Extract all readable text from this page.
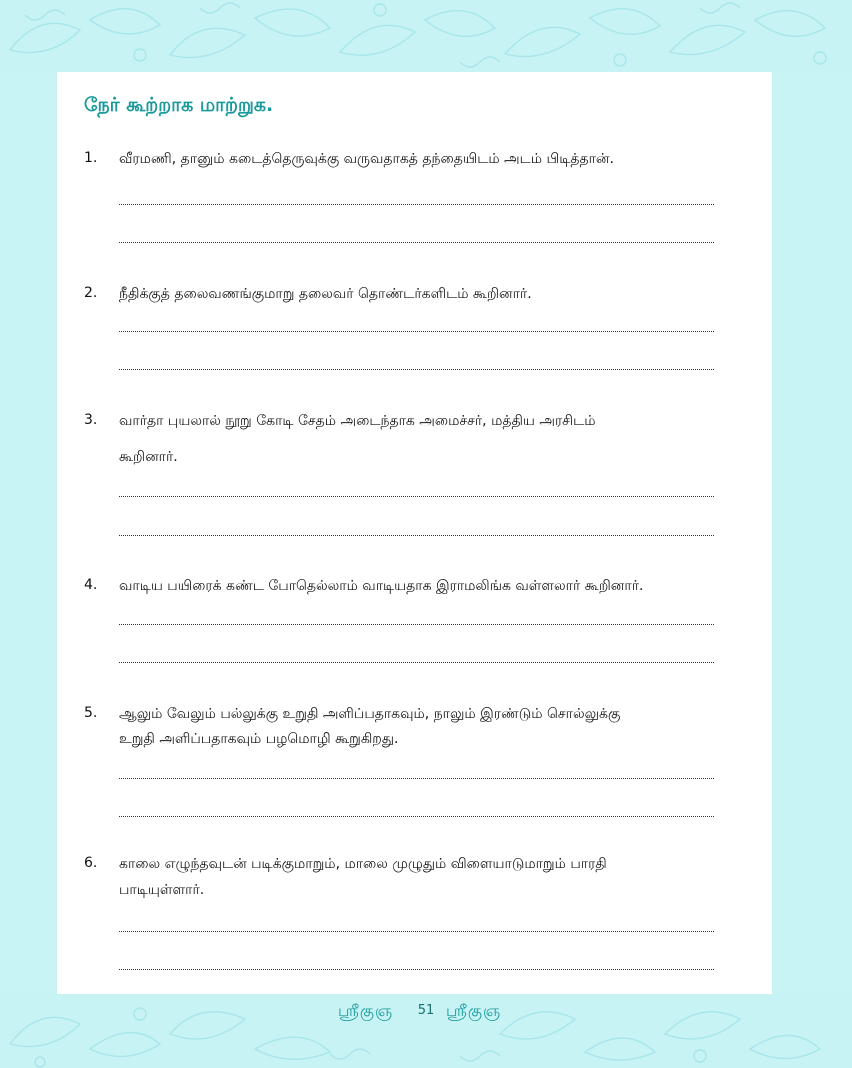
நேர் கூற்றாக மாற்றுக.
1. வீரமணி, தானும் கடைத்தெருவுக்கு வருவதாகத் தந்தையிடம் அடம் பிடித்தான்.
2. நீதிக்குத் தலைவணங்குமாறு தலைவர் தொண்டர்களிடம் கூறினார்.
3. வார்தா புயலால் நூறு கோடி சேதம் அடைந்தாக அமைச்சர், மத்திய அரசிடம்
கூறினார்.
4. வாடிய பயிரைக் கண்ட போதெல்லாம் வாடியதாக இராமலிங்க வள்ளலார் கூறினார்.
5. ஆலும் வேலும் பல்லுக்கு உறுதி அளிப்பதாகவும், நாலும் இரண்டும் சொல்லுக்கு
உறுதி அளிப்பதாகவும் பழமொழி கூறுகிறது.
6. காலை எழுந்தவுடன் படிக்குமாறும், மாலை முழுதும் விளையாடுமாறும் பாரதி
பாடியுள்ளார்.
ஶ்ரீகுஞ	51 ஶ்ரீகுஞ
